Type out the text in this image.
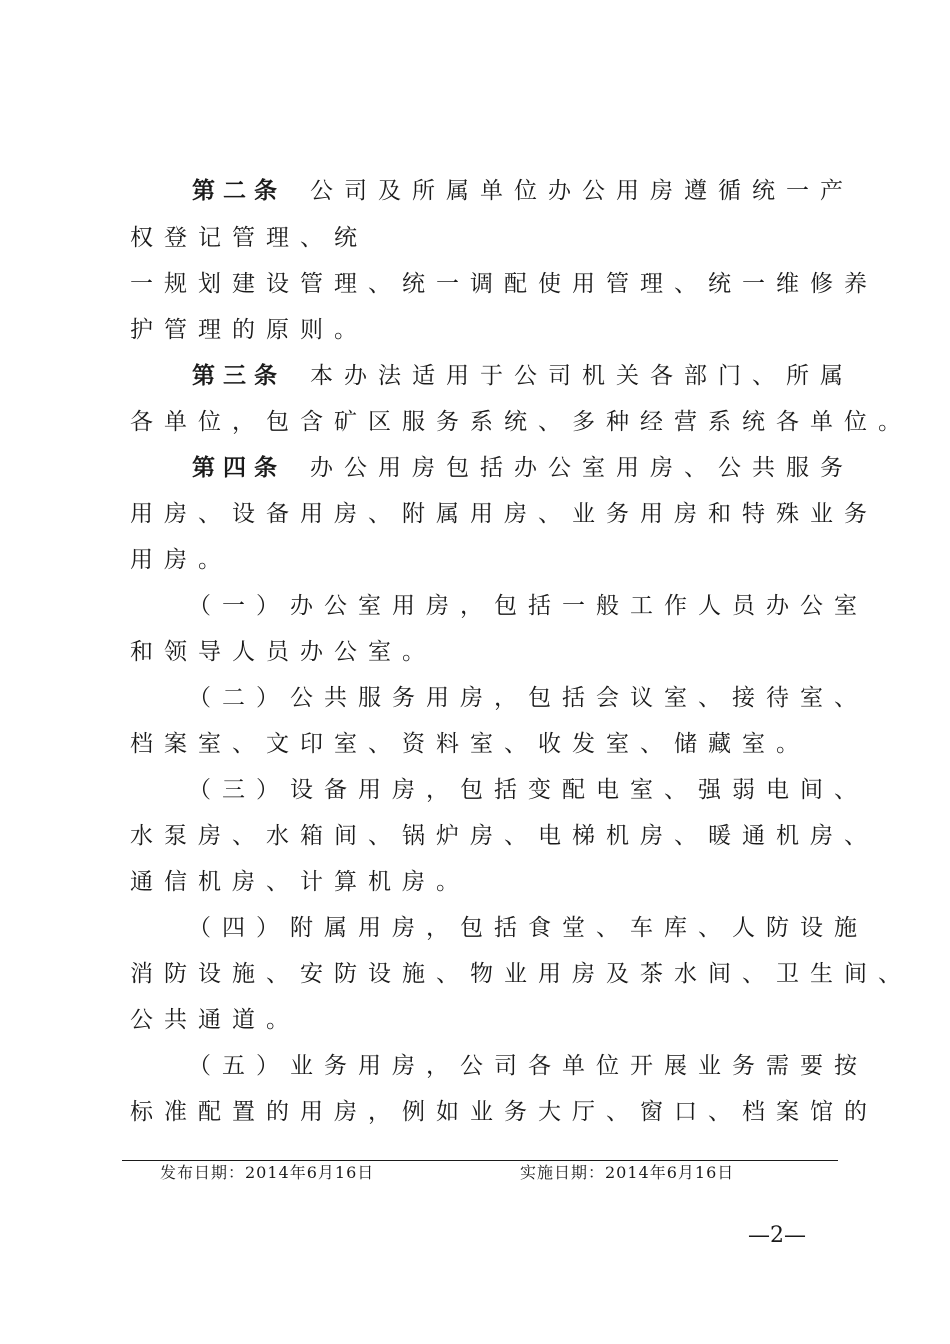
第二条 公司及所属单位办公用房遵循统一产
权登记管理、统
一规划建设管理、统一调配使用管理、统一维修养
护管理的原则。
第三条 本办法适用于公司机关各部门、所属
各单位，包含矿区服务系统、多种经营系统各单位。
第四条 办公用房包括办公室用房、公共服务
用房、设备用房、附属用房、业务用房和特殊业务
用房。
（一）办公室用房，包括一般工作人员办公室
和领导人员办公室。
（二）公共服务用房，包括会议室、接待室、
档案室、文印室、资料室、收发室、储藏室。
（三）设备用房，包括变配电室、强弱电间、
水泵房、水箱间、锅炉房、电梯机房、暖通机房、
通信机房、计算机房。
（四）附属用房，包括食堂、车库、人防设施
消防设施、安防设施、物业用房及茶水间、卫生间、
公共通道。
（五）业务用房，公司各单位开展业务需要按
标准配置的用房，例如业务大厅、窗口、档案馆的
发布日期：2014年6月16日	实施日期：2014年6月16日
—2—
